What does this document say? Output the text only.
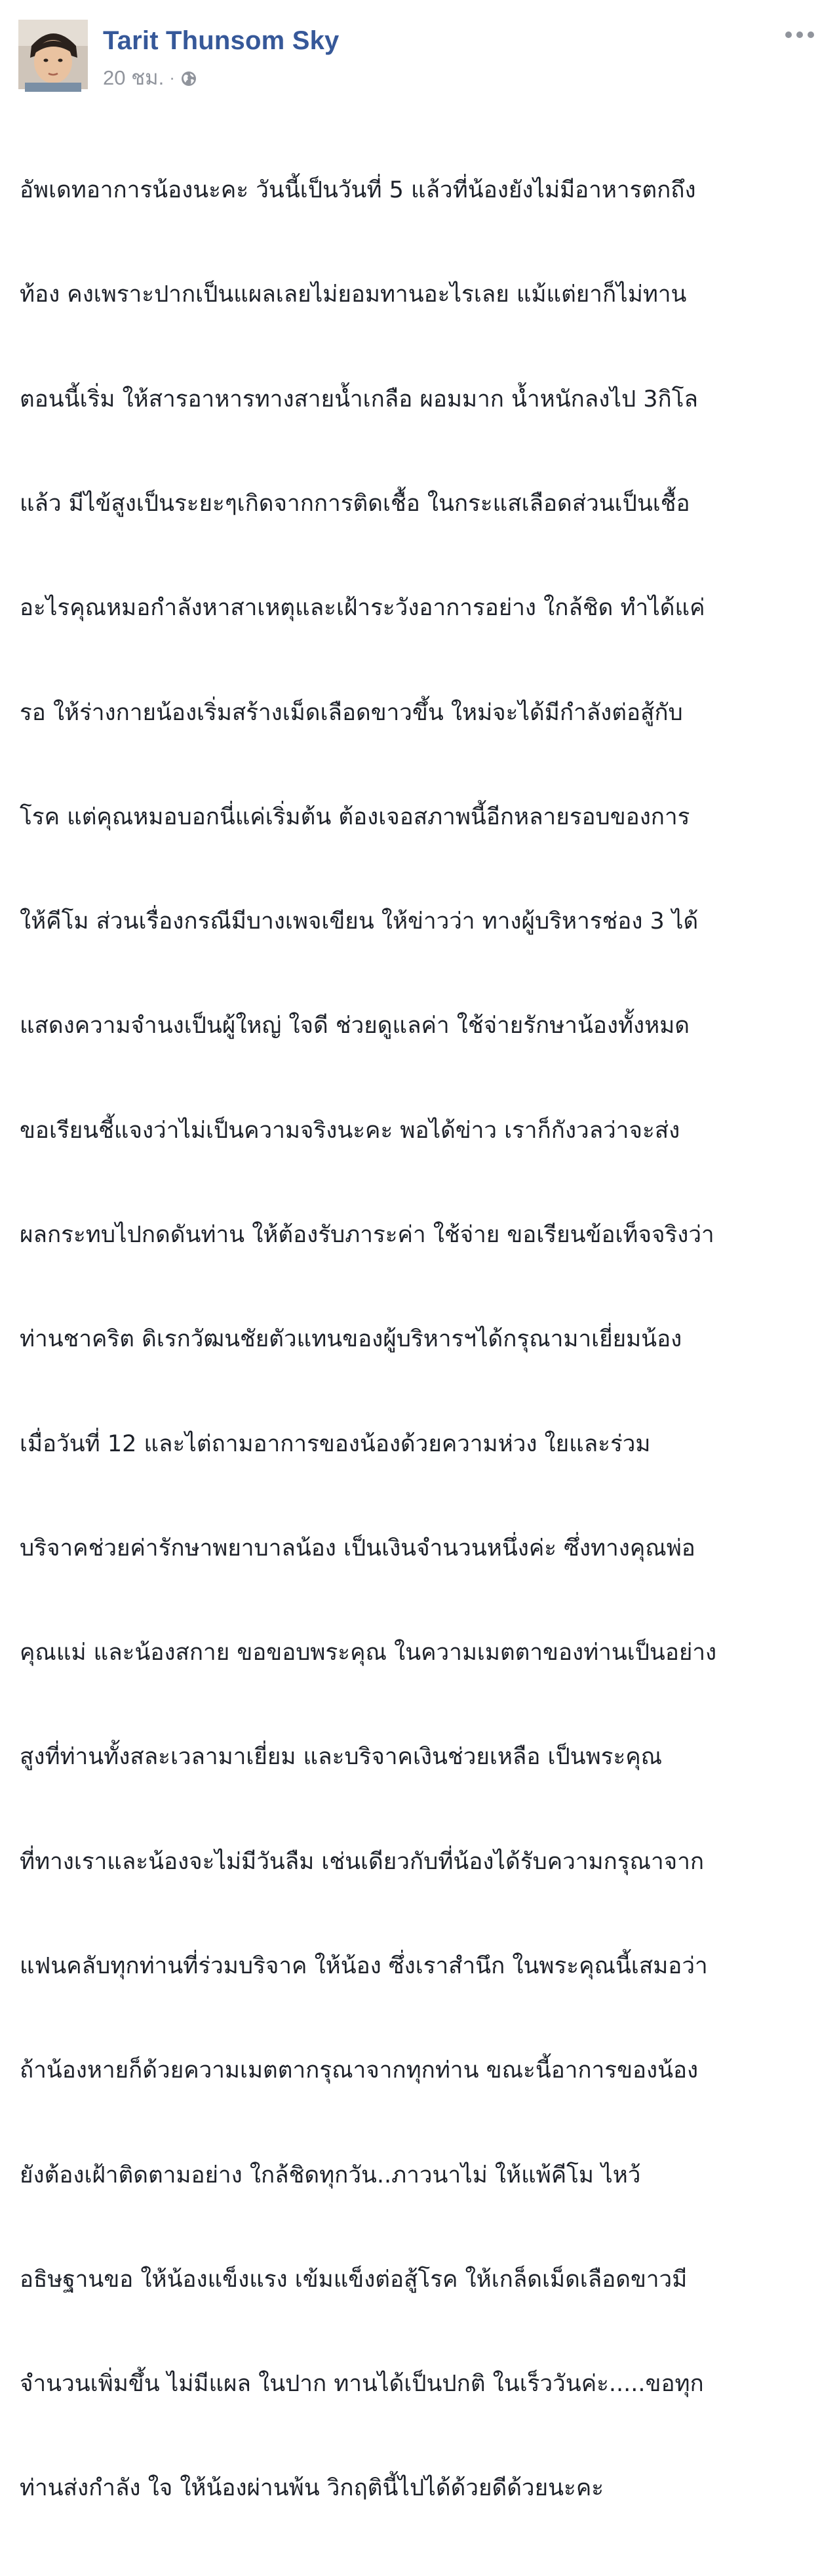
Tarit Thunsom Sky
20 ชม. ·

อัพเดทอาการน้องนะคะ วันนี้เป็นวันที่ 5 แล้วที่น้องยังไม่มีอาหารตกถึง

ท้อง คงเพราะปากเป็นแผลเลยไม่ยอมทานอะไรเลย แม้แต่ยาก็ไม่ทาน

ตอนนี้เริ่ม ให้สารอาหารทางสายน้ำเกลือ ผอมมาก น้ำหนักลงไป 3กิโล

แล้ว มีไข้สูงเป็นระยะๆเกิดจากการติดเชื้อ ในกระแสเลือดส่วนเป็นเชื้อ

อะไรคุณหมอกำลังหาสาเหตุและเฝ้าระวังอาการอย่าง ใกล้ชิด ทำได้แค่

รอ ให้ร่างกายน้องเริ่มสร้างเม็ดเลือดขาวขึ้น ใหม่จะได้มีกำลังต่อสู้กับ

โรค แต่คุณหมอบอกนี่แค่เริ่มต้น ต้องเจอสภาพนี้อีกหลายรอบของการ

ให้คีโม ส่วนเรื่องกรณีมีบางเพจเขียน ให้ข่าวว่า ทางผู้บริหารช่อง 3 ได้

แสดงความจำนงเป็นผู้ใหญ่ ใจดี ช่วยดูแลค่า ใช้จ่ายรักษาน้องทั้งหมด

ขอเรียนชี้แจงว่าไม่เป็นความจริงนะคะ พอได้ข่าว เราก็กังวลว่าจะส่ง

ผลกระทบไปกดดันท่าน ให้ต้องรับภาระค่า ใช้จ่าย ขอเรียนข้อเท็จจริงว่า

ท่านชาคริต ดิเรกวัฒนชัยตัวแทนของผู้บริหารฯได้กรุณามาเยี่ยมน้อง

เมื่อวันที่ 12 และไต่ถามอาการของน้องด้วยความห่วง ใยและร่วม

บริจาคช่วยค่ารักษาพยาบาลน้อง เป็นเงินจำนวนหนึ่งค่ะ ซึ่งทางคุณพ่อ

คุณแม่ และน้องสกาย ขอขอบพระคุณ ในความเมตตาของท่านเป็นอย่าง

สูงที่ท่านทั้งสละเวลามาเยี่ยม และบริจาคเงินช่วยเหลือ เป็นพระคุณ

ที่ทางเราและน้องจะไม่มีวันลืม เช่นเดียวกับที่น้องได้รับความกรุณาจาก

แฟนคลับทุกท่านที่ร่วมบริจาค ให้น้อง ซึ่งเราสำนึก ในพระคุณนี้เสมอว่า

ถ้าน้องหายก็ด้วยความเมตตากรุณาจากทุกท่าน ขณะนี้อาการของน้อง

ยังต้องเฝ้าติดตามอย่าง ใกล้ชิดทุกวัน..ภาวนาไม่ ให้แพ้คีโม ไหว้

อธิษฐานขอ ให้น้องแข็งแรง เข้มแข็งต่อสู้โรค ให้เกล็ดเม็ดเลือดขาวมี

จำนวนเพิ่มขึ้น ไม่มีแผล ในปาก ทานได้เป็นปกติ ในเร็ววันค่ะ.....ขอทุก

ท่านส่งกำลัง ใจ ให้น้องผ่านพ้น วิกฤตินี้ไปได้ด้วยดีด้วยนะคะ
